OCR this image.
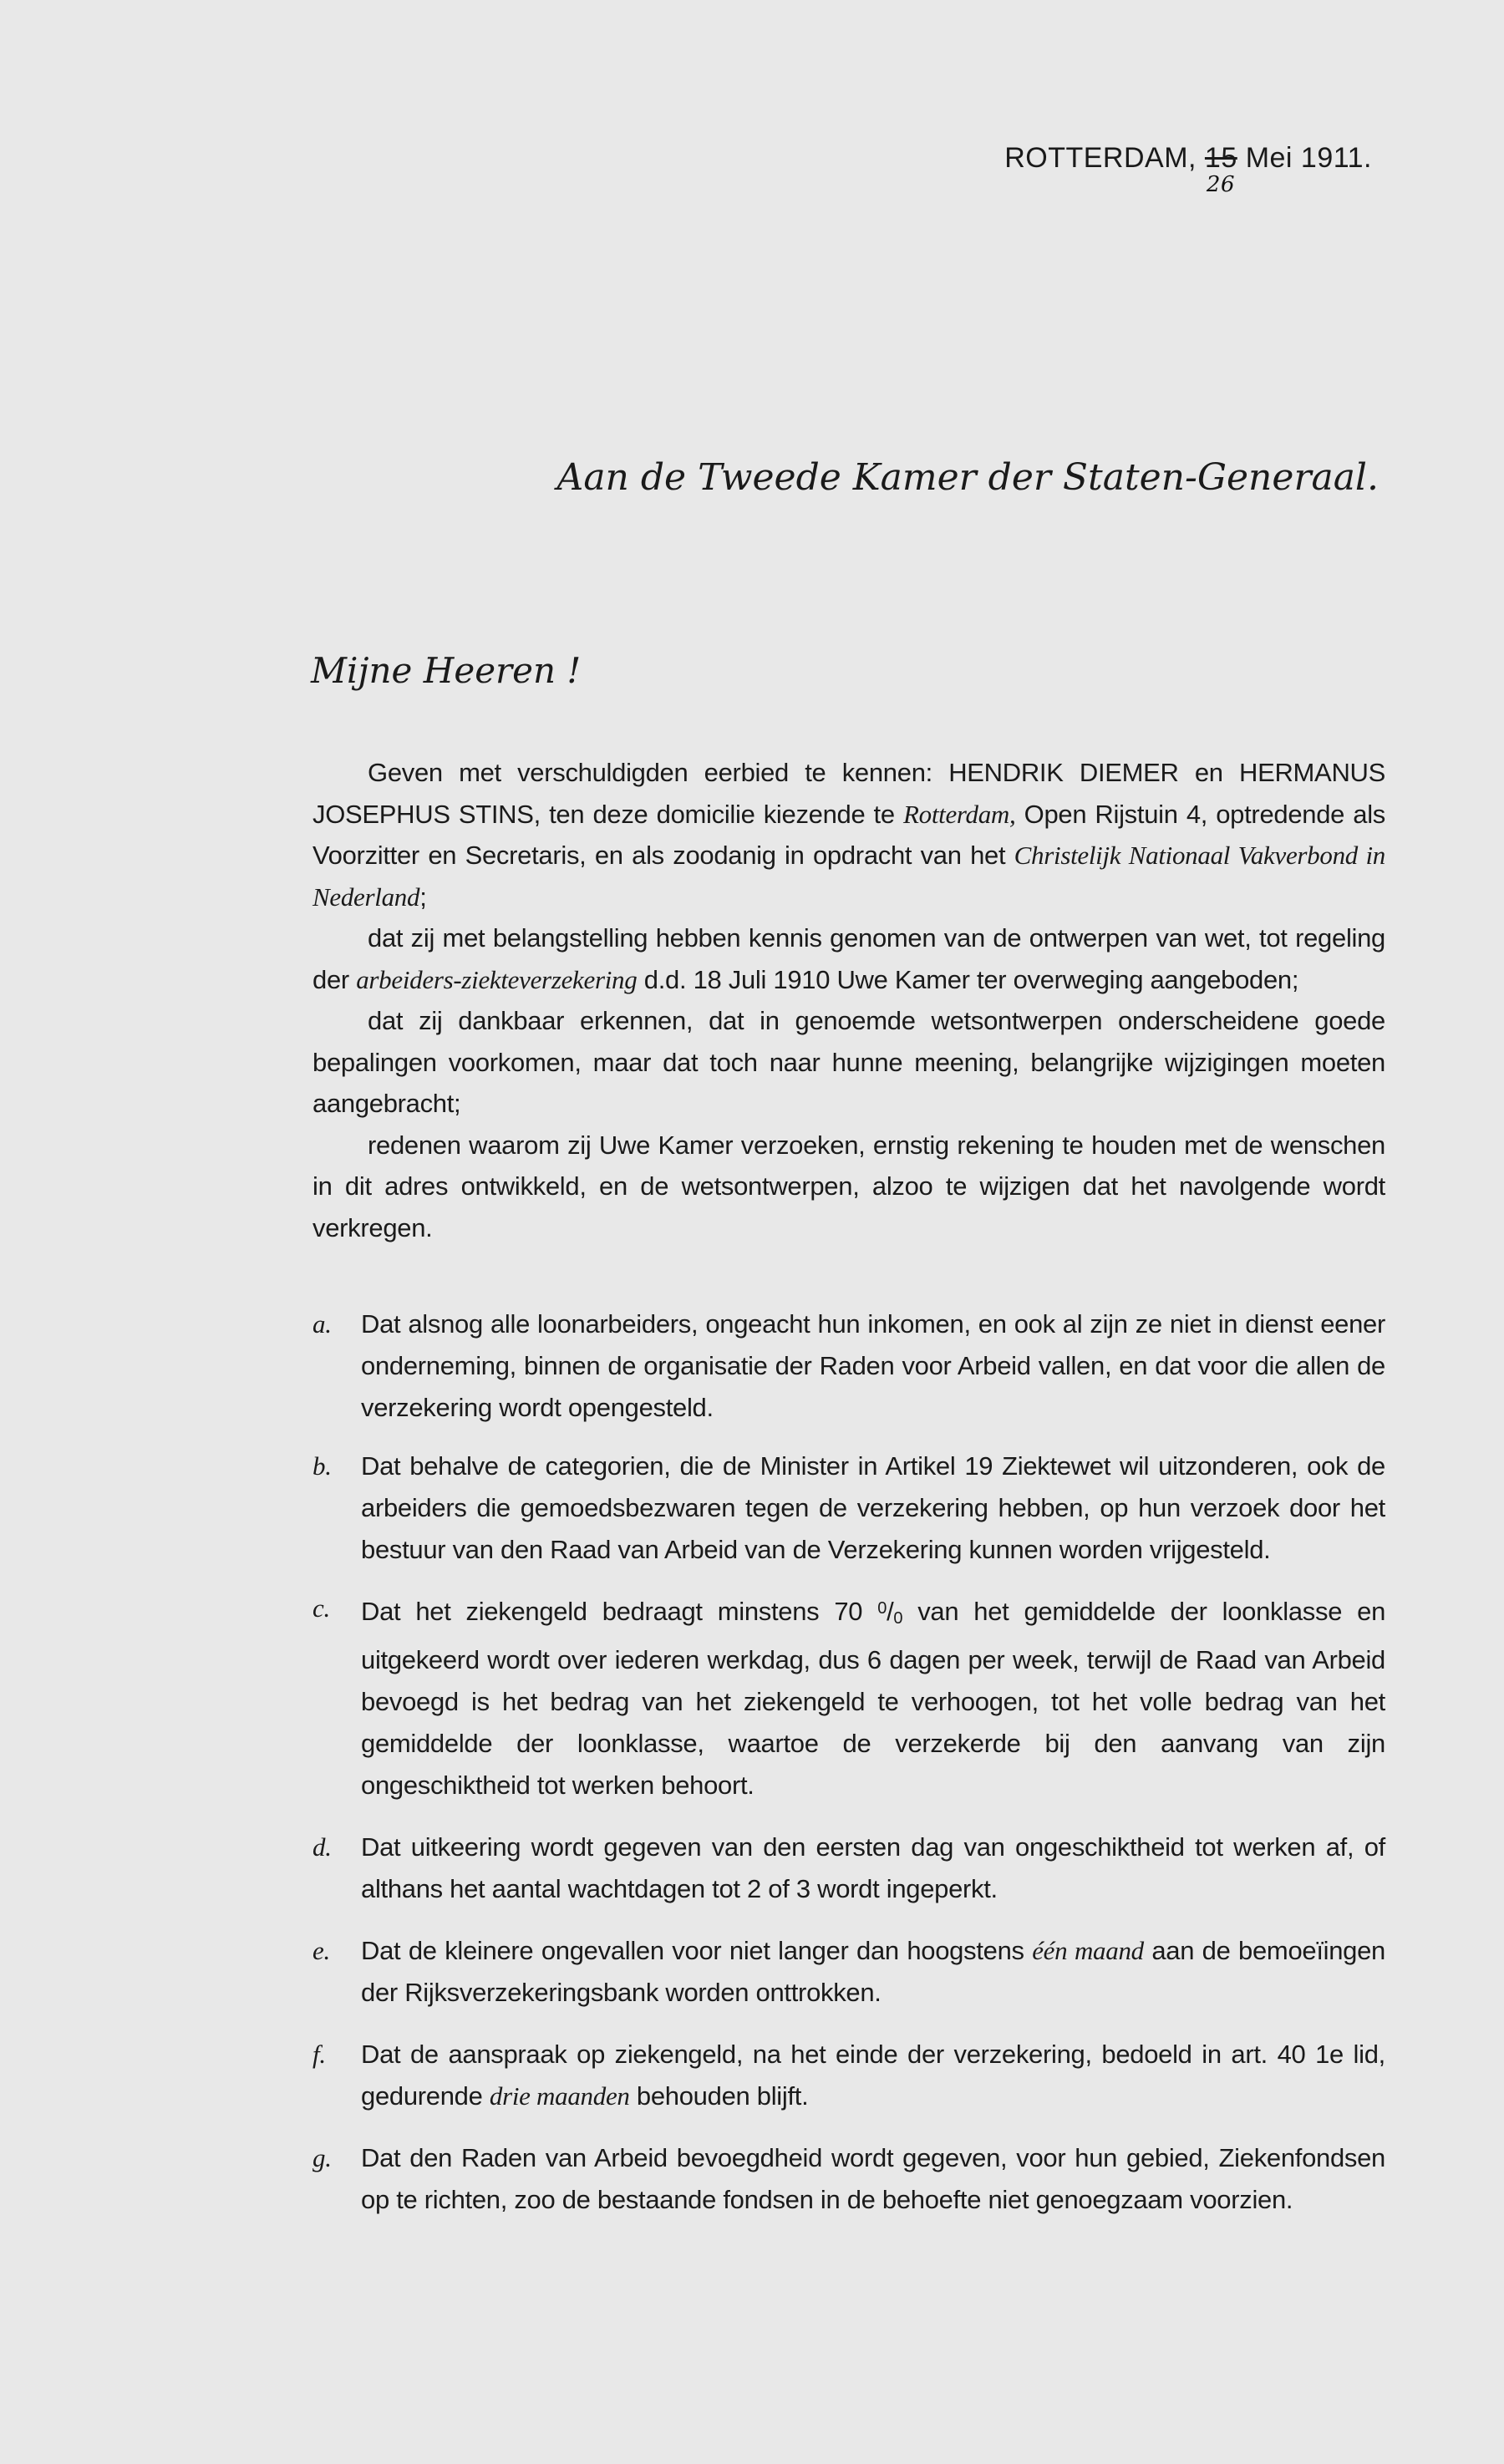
ROTTERDAM, 15
26
Mei 1911.
Aan de Tweede Kamer der Staten-Generaal.
Mijne Heeren !

Geven met verschuldigden eerbied te kennen: HENDRIK DIEMER en HERMANUS JOSEPHUS STINS, ten deze domicilie kiezende te Rotterdam, Open Rijstuin 4, optredende als Voorzitter en Secretaris, en als zoodanig in opdracht van het Christelijk Nationaal Vakverbond in Nederland;

dat zij met belangstelling hebben kennis genomen van de ontwerpen van wet, tot regeling der arbeiders-ziekteverzekering d.d. 18 Juli 1910 Uwe Kamer ter overweging aangeboden;

dat zij dankbaar erkennen, dat in genoemde wetsontwerpen onderscheidene goede bepalingen voorkomen, maar dat toch naar hunne meening, belangrijke wijzigingen moeten aangebracht;

redenen waarom zij Uwe Kamer verzoeken, ernstig rekening te houden met de wenschen in dit adres ontwikkeld, en de wetsontwerpen, alzoo te wijzigen dat het navolgende wordt verkregen.

a. Dat alsnog alle loonarbeiders, ongeacht hun inkomen, en ook al zijn ze niet in dienst eener onderneming, binnen de organisatie der Raden voor Arbeid vallen, en dat voor die allen de verzekering wordt opengesteld.
b. Dat behalve de categorien, die de Minister in Artikel 19 Ziektewet wil uitzonderen, ook de arbeiders die gemoedsbezwaren tegen de verzekering hebben, op hun verzoek door het bestuur van den Raad van Arbeid van de Verzekering kunnen worden vrijgesteld.
c. Dat het ziekengeld bedraagt minstens 70 $^0/_0$ van het gemiddelde der loonklasse en uitgekeerd wordt over iederen werkdag, dus 6 dagen per week, terwijl de Raad van Arbeid bevoegd is het bedrag van het ziekengeld te verhoogen, tot het volle bedrag van het gemiddelde der loonklasse, waartoe de verzekerde bij den aanvang van zijn ongeschiktheid tot werken behoort.
d. Dat uitkeering wordt gegeven van den eersten dag van ongeschiktheid tot werken af, of althans het aantal wachtdagen tot 2 of 3 wordt ingeperkt.
e. Dat de kleinere ongevallen voor niet langer dan hoogstens één maand aan de bemoeïingen der Rijksverzekeringsbank worden onttrokken.
f. Dat de aanspraak op ziekengeld, na het einde der verzekering, bedoeld in art. 40 1e lid, gedurende drie maanden behouden blijft.
g. Dat den Raden van Arbeid bevoegdheid wordt gegeven, voor hun gebied, Ziekenfondsen op te richten, zoo de bestaande fondsen in de behoefte niet genoegzaam voorzien.
